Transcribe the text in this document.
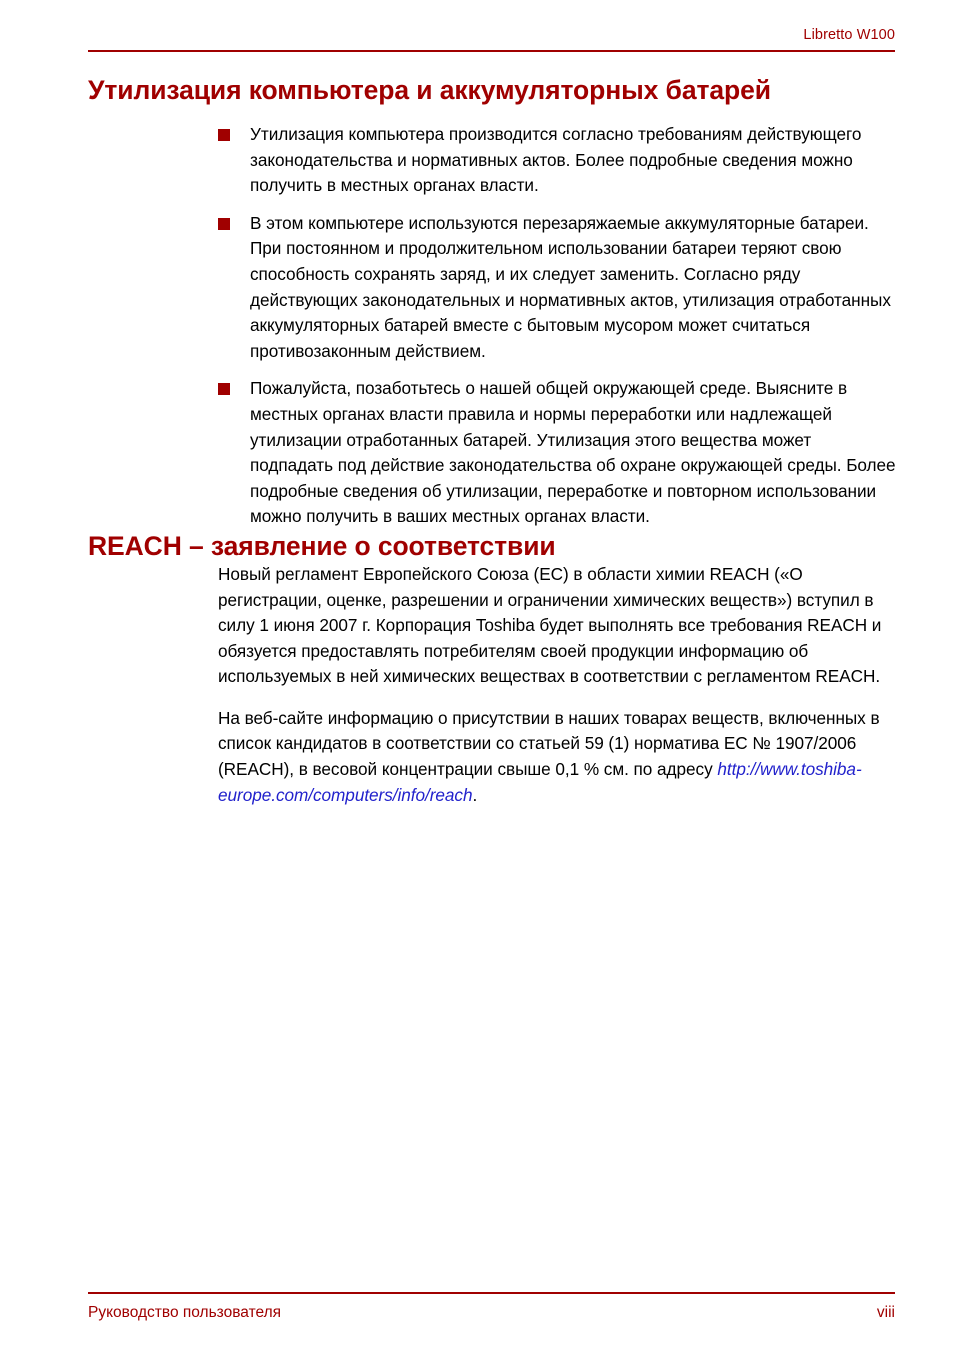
Libretto W100
Утилизация компьютера и аккумуляторных батарей
Утилизация компьютера производится согласно требованиям действующего законодательства и нормативных актов. Более подробные сведения можно получить в местных органах власти.
В этом компьютере используются перезаряжаемые аккумуляторные батареи. При постоянном и продолжительном использовании батареи теряют свою способность сохранять заряд, и их следует заменить. Согласно ряду действующих законодательных и нормативных актов, утилизация отработанных аккумуляторных батарей вместе с бытовым мусором может считаться противозаконным действием.
Пожалуйста, позаботьтесь о нашей общей окружающей среде. Выясните в местных органах власти правила и нормы переработки или надлежащей утилизации отработанных батарей. Утилизация этого вещества может подпадать под действие законодательства об охране окружающей среды. Более подробные сведения об утилизации, переработке и повторном использовании можно получить в ваших местных органах власти.
REACH – заявление о соответствии

Новый регламент Европейского Союза (ЕС) в области химии REACH («О регистрации, оценке, разрешении и ограничении химических веществ») вступил в силу 1 июня 2007 г. Корпорация Toshiba будет выполнять все требования REACH и обязуется предоставлять потребителям своей продукции информацию об используемых в ней химических веществах в соответствии с регламентом REACH.

На веб-сайте информацию о присутствии в наших товарах веществ, включенных в список кандидатов в соответствии со статьей 59 (1) норматива ЕС № 1907/2006 (REACH), в весовой концентрации свыше 0,1 % см. по адресу http://www.toshiba-europe.com/computers/info/reach.

Руководство пользователя	viii
